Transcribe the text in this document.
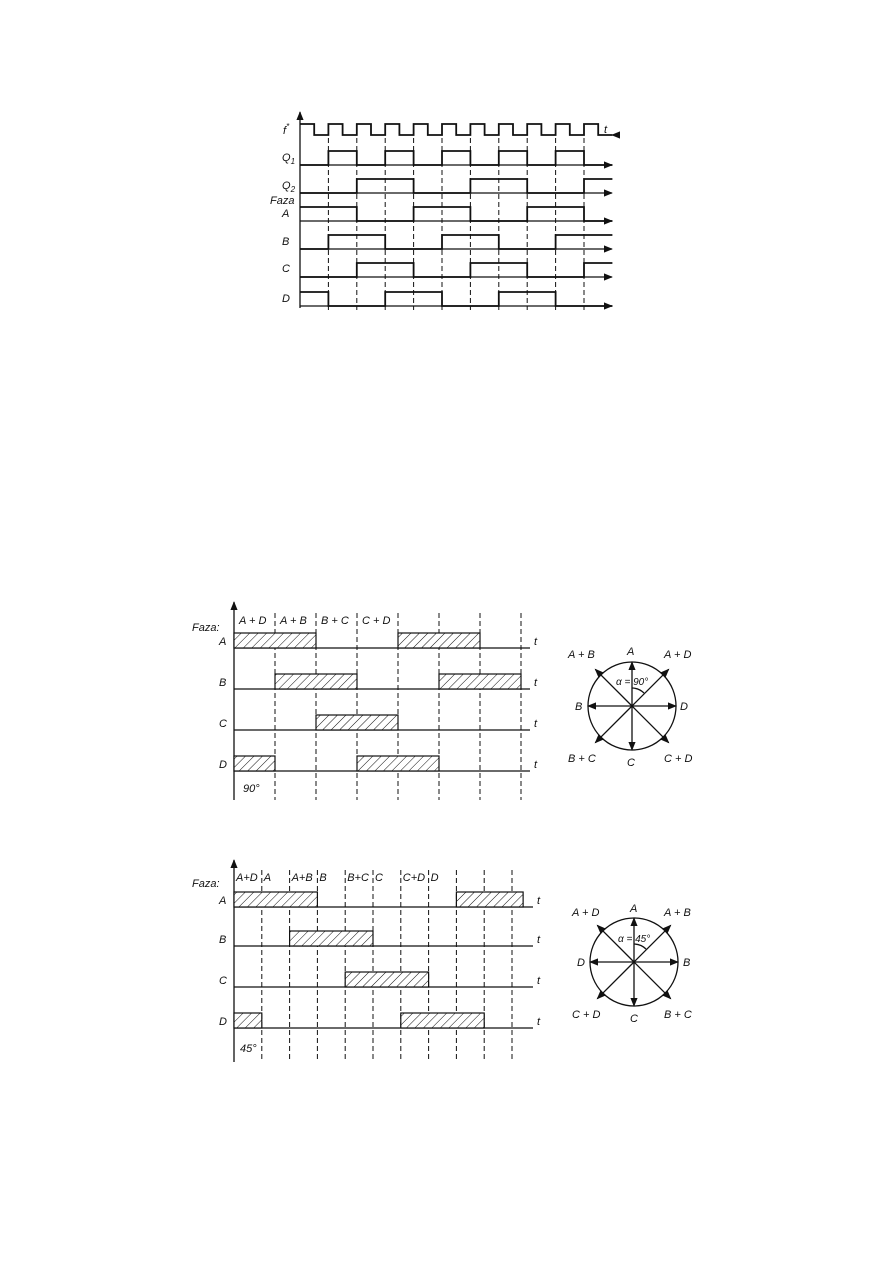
f*	t
Faza
$Q_1$
$Q_2$
A
B
C
D
Faza:
A + D A + B B + C C + D
A	t
B	t
C	t
D	t
90°
α = 90°
A
C
B	D
A + B	A + D
B + C	C + D
Faza: A+D A A+B B B+C C C+D D
A	t
B	t
C	t
D	t
45°
α = 45°
A
C
D	B
A + D	A + B
C + D	B + C
